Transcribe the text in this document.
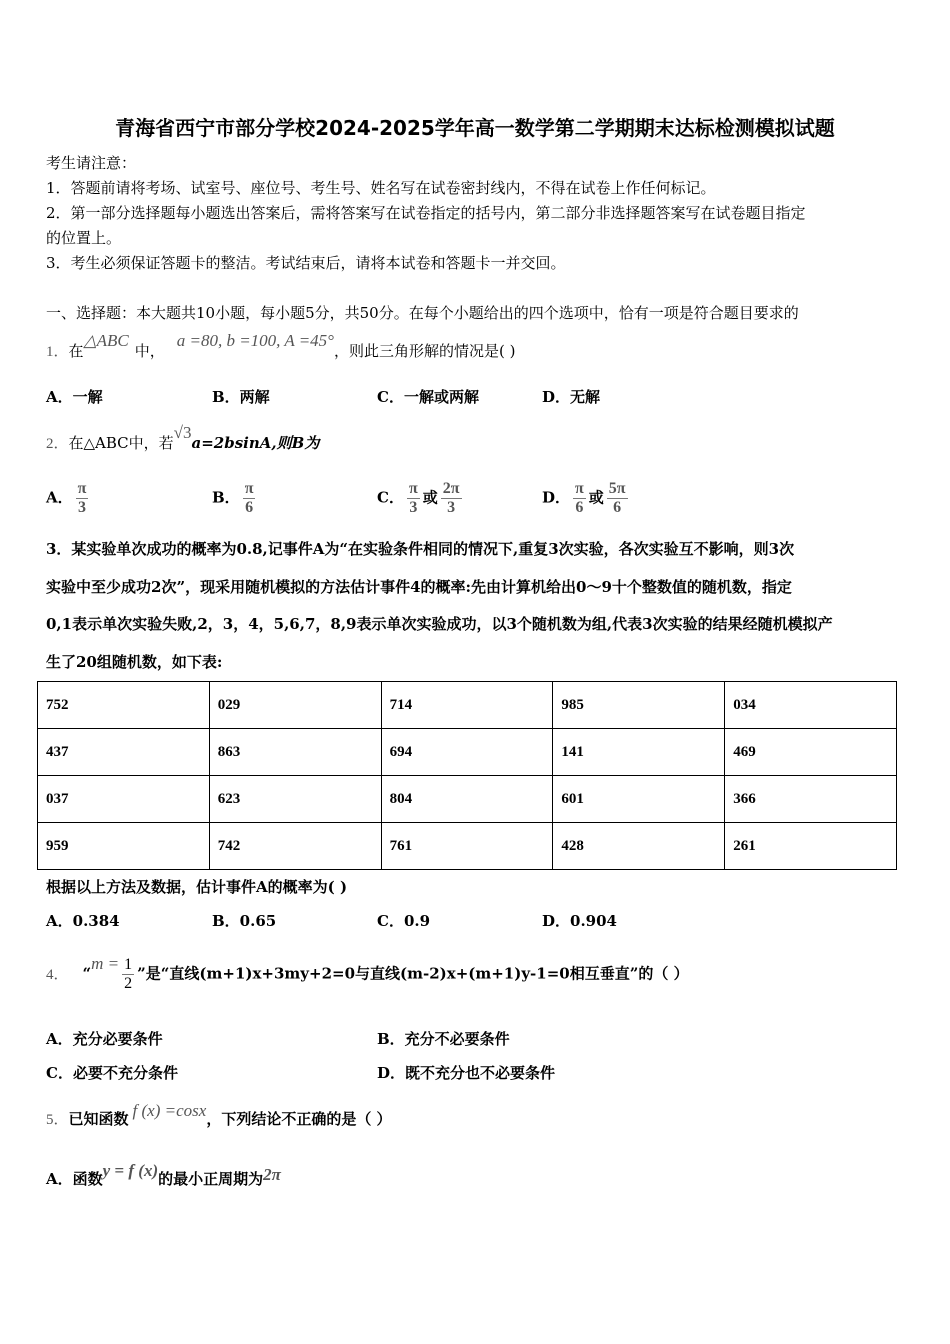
青海省西宁市部分学校2024-2025学年高一数学第二学期期末达标检测模拟试题
考生请注意：
1．答题前请将考场、试室号、座位号、考生号、姓名写在试卷密封线内，不得在试卷上作任何标记。
2．第一部分选择题每小题选出答案后，需将答案写在试卷指定的括号内，第二部分非选择题答案写在试卷题目指定
的位置上。
3．考生必须保证答题卡的整洁。考试结束后，请将本试卷和答题卡一并交回。
一、选择题：本大题共10小题，每小题5分，共50分。在每个小题给出的四个选项中，恰有一项是符合题目要求的
1．在△ABC中，a =80, b =100, A =45°，则此三角形解的情况是( )
A．一解	B．两解	C．一解或两解	D．无解
2．在△ABC中，若√3a=2bsinA,则B为
A． $\frac{\pi}{3}$	B． $\frac{\pi}{6}$	C． $\frac{\pi}{3}$ 或 $\frac{2\pi}{3}$	D． $\frac{\pi}{6}$ 或 $\frac{5\pi}{6}$
3．某实验单次成功的概率为0.8,记事件A为“在实验条件相同的情况下,重复3次实验，各次实验互不影响，则3次
实验中至少成功2次”，现采用随机模拟的方法估计事件4的概率:先由计算机给出0～9十个整数值的随机数，指定
0,1表示单次实验失败,2，3，4，5,6,7，8,9表示单次实验成功，以3个随机数为组,代表3次实验的结果经随机模拟产
生了20组随机数，如下表:
752	029	714	985	034
437	863	694	141	469
037	623	804	601	366
959	742	761	428	261
根据以上方法及数据，估计事件A的概率为( )
A．0.384	B．0.65	C．0.9	D．0.904
4． “$m = \frac{1}{2}$ ”是“直线(m+1)x+3my+2=0与直线(m-2)x+(m+1)y-1=0相互垂直”的（ ）
A．充分必要条件	B．充分不必要条件
C．必要不充分条件	D．既不充分也不必要条件
5．已知函数 f (x) =cosx，下列结论不正确的是（ ）
A．函数y = f (x)的最小正周期为2π
